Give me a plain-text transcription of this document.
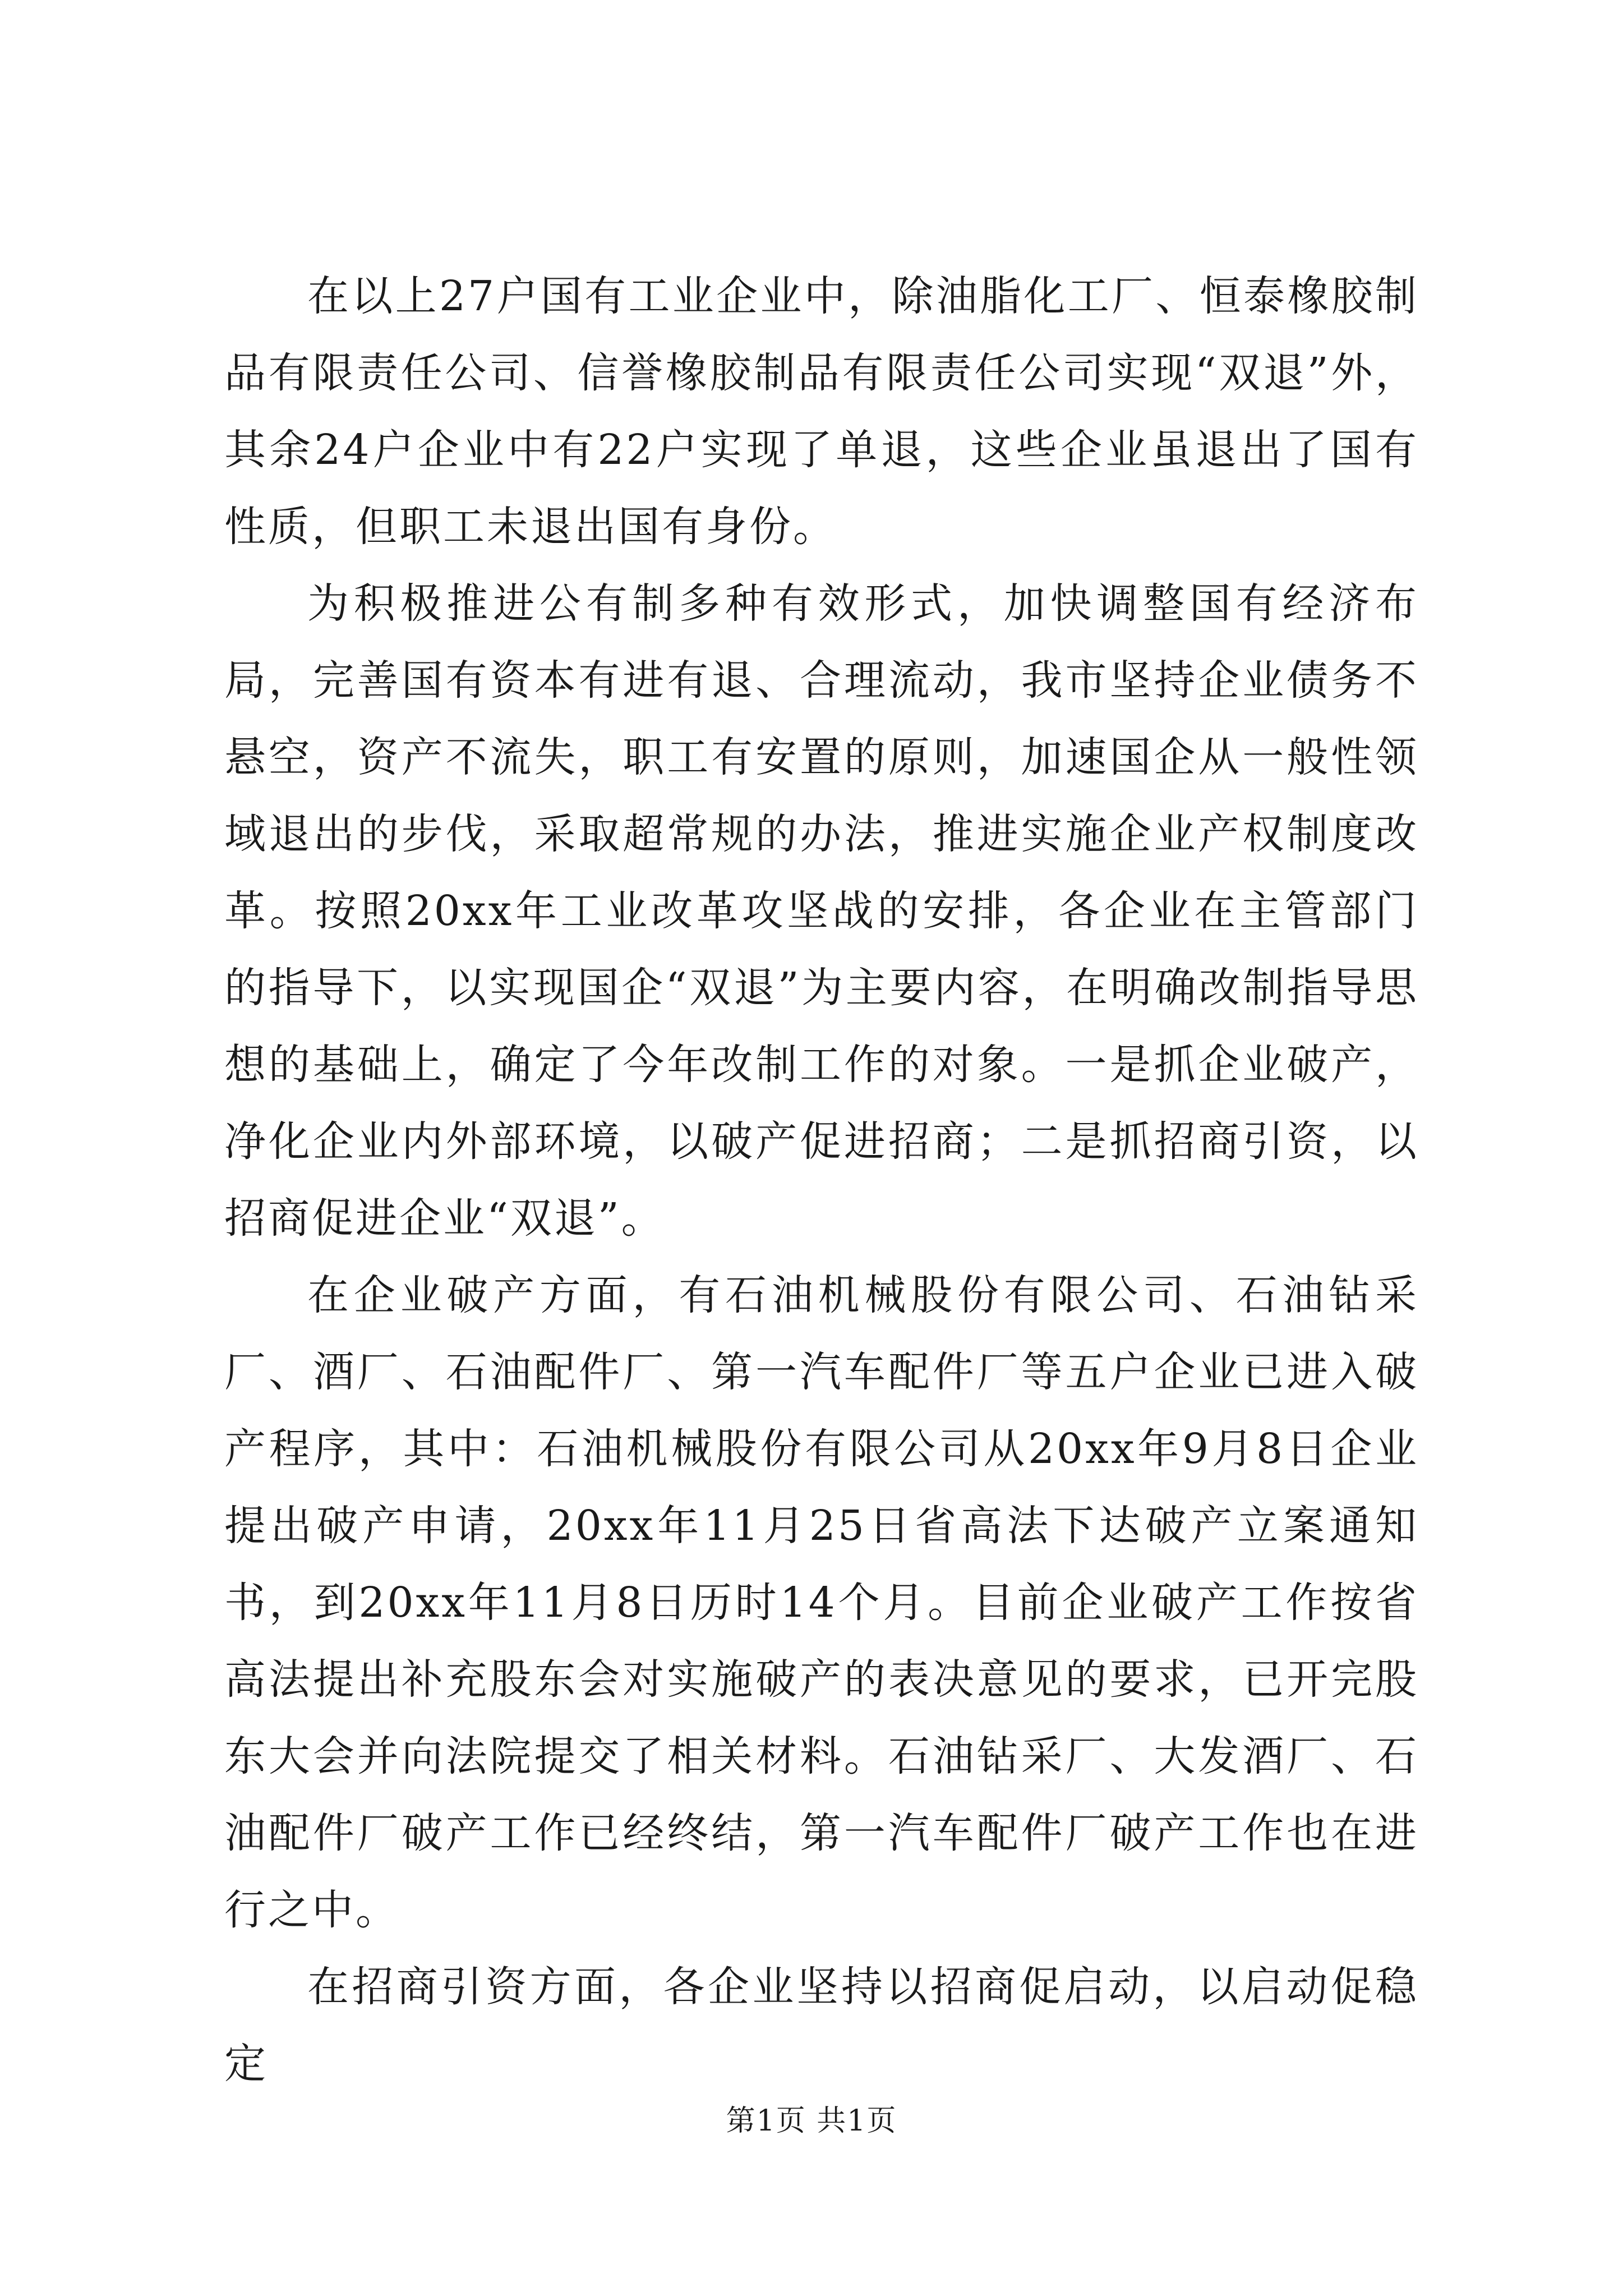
在以上27户国有工业企业中，除油脂化工厂、恒泰橡胶制品有限责任公司、信誉橡胶制品有限责任公司实现“双退”外，其余24户企业中有22户实现了单退，这些企业虽退出了国有性质，但职工未退出国有身份。

为积极推进公有制多种有效形式，加快调整国有经济布局，完善国有资本有进有退、合理流动，我市坚持企业债务不悬空，资产不流失，职工有安置的原则，加速国企从一般性领域退出的步伐，采取超常规的办法，推进实施企业产权制度改革。按照20xx年工业改革攻坚战的安排，各企业在主管部门的指导下，以实现国企“双退”为主要内容，在明确改制指导思想的基础上，确定了今年改制工作的对象。一是抓企业破产，净化企业内外部环境，以破产促进招商；二是抓招商引资，以招商促进企业“双退”。

在企业破产方面，有石油机械股份有限公司、石油钻采厂、酒厂、石油配件厂、第一汽车配件厂等五户企业已进入破产程序，其中：石油机械股份有限公司从20xx年9月8日企业提出破产申请，20xx年11月25日省高法下达破产立案通知书，到20xx年11月8日历时14个月。目前企业破产工作按省高法提出补充股东会对实施破产的表决意见的要求，已开完股东大会并向法院提交了相关材料。石油钻采厂、大发酒厂、石油配件厂破产工作已经终结，第一汽车配件厂破产工作也在进行之中。

在招商引资方面，各企业坚持以招商促启动，以启动促稳定

第1页 共1页
